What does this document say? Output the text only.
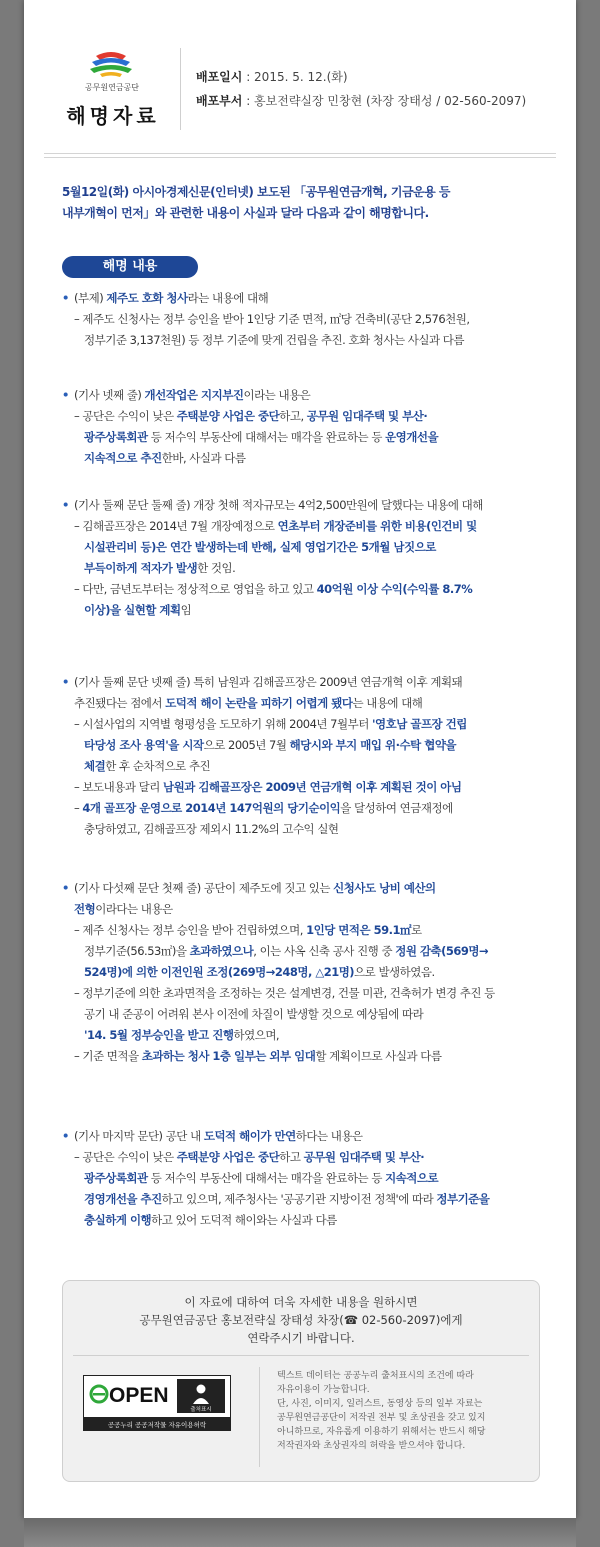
공무원연금공단
해명자료
배포일시 : 2015. 5. 12.(화)
배포부서 : 홍보전략실장 민창현 (차장 장태성 / 02-560-2097)
5월12일(화) 아시아경제신문(인터넷) 보도된 「공무원연금개혁, 기금운용 등
내부개혁이 먼저」와 관련한 내용이 사실과 달라 다음과 같이 해명합니다.
해명 내용
• (부제) 제주도 호화 청사라는 내용에 대해
– 제주도 신청사는 정부 승인을 받아 1인당 기준 면적, ㎡당 건축비(공단 2,576천원,
정부기준 3,137천원) 등 정부 기준에 맞게 건립을 추진. 호화 청사는 사실과 다름
• (기사 넷째 줄) 개선작업은 지지부진이라는 내용은
– 공단은 수익이 낮은 주택분양 사업은 중단하고, 공무원 임대주택 및 부산·
광주상록회관 등 저수익 부동산에 대해서는 매각을 완료하는 등 운영개선을
지속적으로 추진한바, 사실과 다름
• (기사 둘째 문단 둘째 줄) 개장 첫해 적자규모는 4억2,500만원에 달했다는 내용에 대해
– 김해골프장은 2014년 7월 개장예정으로 연초부터 개장준비를 위한 비용(인건비 및
시설관리비 등)은 연간 발생하는데 반해, 실제 영업기간은 5개월 남짓으로
부득이하게 적자가 발생한 것임.
– 다만, 금년도부터는 정상적으로 영업을 하고 있고 40억원 이상 수익(수익률 8.7%
이상)을 실현할 계획임
• (기사 둘째 문단 넷째 줄) 특히 남원과 김해골프장은 2009년 연금개혁 이후 계획돼
추진됐다는 점에서 도덕적 해이 논란을 피하기 어렵게 됐다는 내용에 대해
– 시설사업의 지역별 형평성을 도모하기 위해 2004년 7월부터 '영호남 골프장 건립
타당성 조사 용역'을 시작으로 2005년 7월 해당시와 부지 매입 위·수탁 협약을
체결한 후 순차적으로 추진
– 보도내용과 달리 남원과 김해골프장은 2009년 연금개혁 이후 계획된 것이 아님
– 4개 골프장 운영으로 2014년 147억원의 당기순이익을 달성하여 연금재정에
충당하였고, 김해골프장 제외시 11.2%의 고수익 실현
• (기사 다섯째 문단 첫째 줄) 공단이 제주도에 짓고 있는 신청사도 낭비 예산의
전형이라다는 내용은
– 제주 신청사는 정부 승인을 받아 건립하였으며, 1인당 면적은 59.1㎡로
정부기준(56.53㎡)을 초과하였으나, 이는 사옥 신축 공사 진행 중 정원 감축(569명→
524명)에 의한 이전인원 조정(269명→248명, △21명)으로 발생하였음.
– 정부기준에 의한 초과면적을 조정하는 것은 설계변경, 건물 미관, 건축허가 변경 추진 등
공기 내 준공이 어려워 본사 이전에 차질이 발생할 것으로 예상됨에 따라
'14. 5월 정부승인을 받고 진행하였으며,
– 기준 면적을 초과하는 청사 1층 일부는 외부 임대할 계획이므로 사실과 다름
• (기사 마지막 문단) 공단 내 도덕적 해이가 만연하다는 내용은
– 공단은 수익이 낮은 주택분양 사업은 중단하고 공무원 임대주택 및 부산·
광주상록회관 등 저수익 부동산에 대해서는 매각을 완료하는 등 지속적으로
경영개선을 추진하고 있으며, 제주청사는 '공공기관 지방이전 정책'에 따라 정부기준을
충실하게 이행하고 있어 도덕적 해이와는 사실과 다름
이 자료에 대하여 더욱 자세한 내용을 원하시면
공무원연금공단 홍보전략실 장태성 차장(☎ 02-560-2097)에게
연락주시기 바랍니다.
OPEN
출처표시
공공누리 공공저작물 자유이용허락
텍스트 데이터는 공공누리 출처표시의 조건에 따라
자유이용이 가능합니다.
단, 사진, 이미지, 일러스트, 동영상 등의 일부 자료는
공무원연금공단이 저작권 전부 및 초상권을 갖고 있지
아니하므로, 자유롭게 이용하기 위해서는 반드시 해당
저작권자와 초상권자의 허락을 받으셔야 합니다.
